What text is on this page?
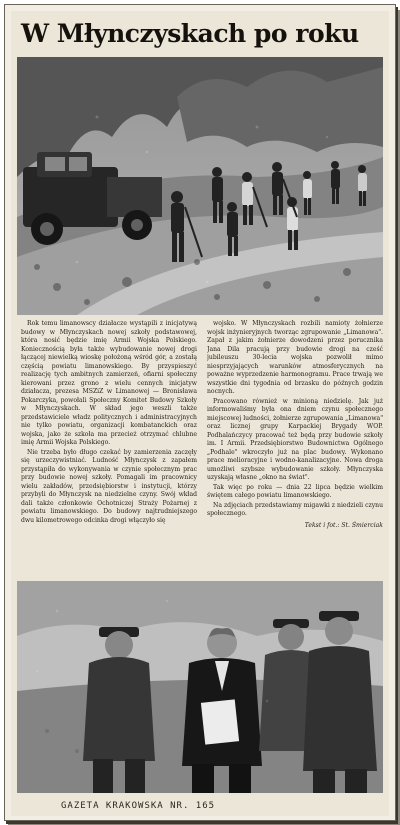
W Młynczyskach po roku

Rok temu limanowscy działacze wystąpili z inicjatywą budowy w Młynczyskach nowej szkoły podstawowej, która nosić będzie imię Armii Wojska Polskiego. Koniecznością była także wybudowanie nowej drogi łączącej niewielką wioskę położoną wśród gór, a zostałą częścią powiatu limanowskiego. By przyspieszyć realizację tych ambitnych zamierzeń, ofiarni społeczny kierowani przez grono z wielu cennych inicjatyw działacza, prezesa MSZiZ w Limanowej — Bronisława Pokarczyka, powołali Społeczny Komitet Budowy Szkoły w Młynczyskach. W skład jego weszli także przedstawiciele władz politycznych i administracyjnych nie tylko powiatu, organizacji kombatanckich oraz wojska, jako że szkoła ma przecież otrzymać chlubne imię Armii Wojska Polskiego.

Nie trzeba było długo czekać by zamierzenia zaczęły się urzeczywistniać. Ludność Młynczysk z zapałem przystąpiła do wykonywania w czynie społecznym prac przy budowie nowej szkoły. Pomagali im pracownicy wielu zakładów, przedsiębiorstw i instytucji, którzy przybyli do Młynczysk na niedzielne czyny. Swój wkład dali także członkowie Ochotniczej Straży Pożarnej z powiatu limanowskiego. Do budowy najtrudniejszego dwu kilometrowego odcinka drogi włączyło się

wojsko. W Młynczyskach rozbili namioty żołnierze wojsk inżynieryjnych tworząc zgrupowanie „Limanowa". Zapał z jakim żołnierze dowodzeni przez porucznika Jana Dila pracują przy budowie drogi na cześć jubileuszu 30-lecia wojska pozwolił mimo niesprzyjających warunków atmosferycznych na poważne wyprzedzenie harmonogramu. Prace trwają we wszystkie dni tygodnia od brzasku do późnych godzin nocnych.

Pracowano również w minioną niedzielę. Jak już informowaliśmy była ona dniem czynu społecznego miejscowej ludności, żołnierze zgrupowania „Limanowa" oraz licznej grupy Karpackiej Brygady WOP. Podhalańczycy pracować też będą przy budowie szkoły im. I Armii. Przedsiębiorstwo Budownictwa Ogólnego „Podhale" wkroczyło już na plac budowy. Wykonano prace melioracyjne i wodno-kanalizacyjne. Nowa droga umożliwi szybsze wybudowanie szkoły. Młynczyska uzyskają własne „okno na świat".

Tak więc po roku — dnia 22 lipca będzie wielkim świętem całego powiatu limanowskiego.

Na zdjęciach przedstawiamy migawki z niedzieli czynu społecznego.

Tekst i fot.: St. Śmierciak

GAZETA KRAKOWSKA NR. 165
